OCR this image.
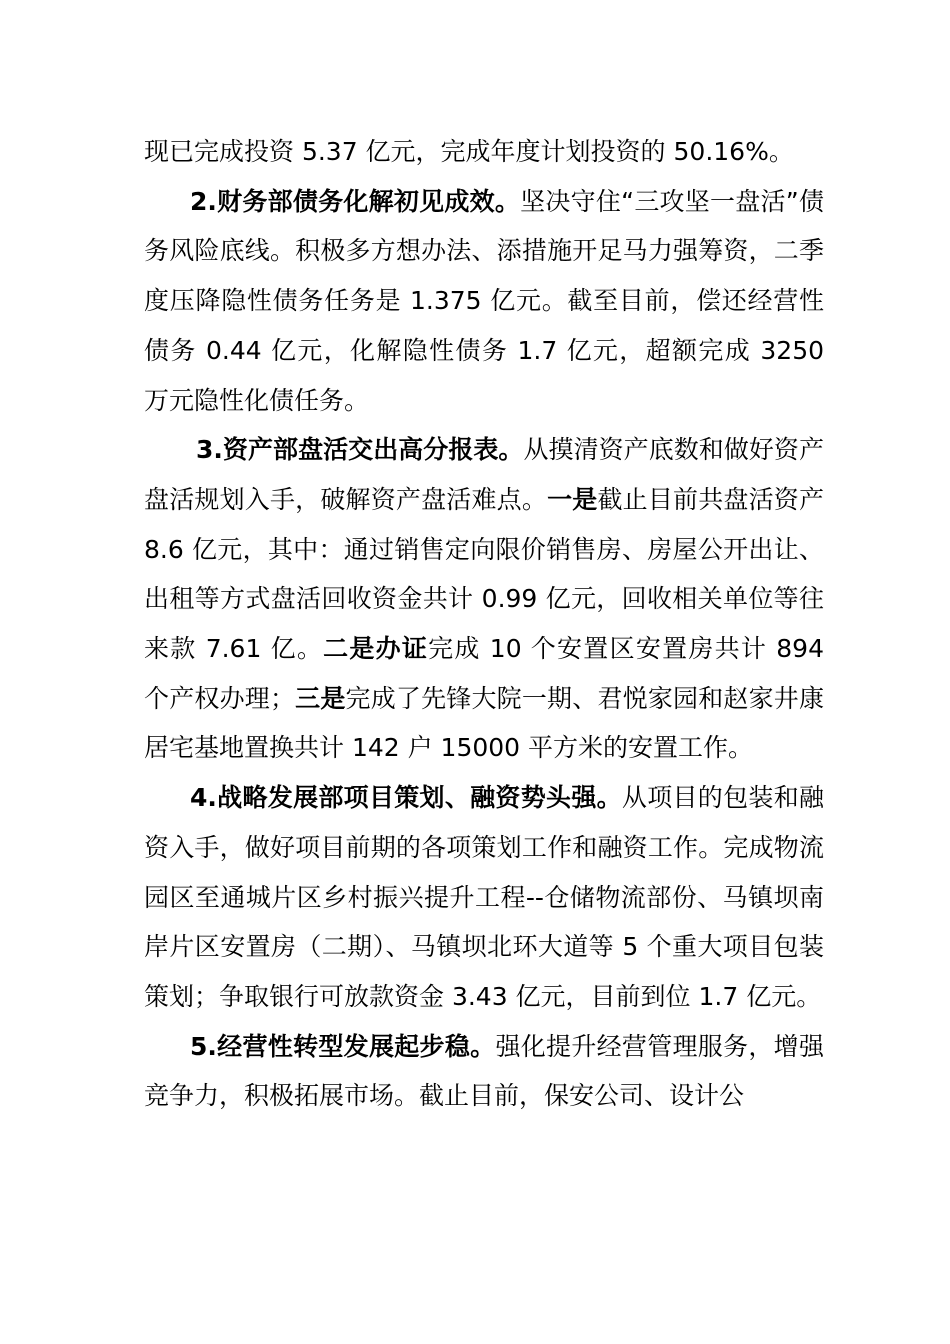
现已完成投资 5.37 亿元，完成年度计划投资的 50.16%。

2.财务部债务化解初见成效。坚决守住“三攻坚一盘活”债务风险底线。积极多方想办法、添措施开足马力强筹资，二季度压降隐性债务任务是 1.375 亿元。截至目前，偿还经营性债务 0.44 亿元，化解隐性债务 1.7 亿元，超额完成 3250 万元隐性化债任务。

3.资产部盘活交出高分报表。从摸清资产底数和做好资产盘活规划入手，破解资产盘活难点。一是截止目前共盘活资产 8.6 亿元，其中：通过销售定向限价销售房、房屋公开出让、出租等方式盘活回收资金共计 0.99 亿元，回收相关单位等往来款 7.61 亿。二是办证完成 10 个安置区安置房共计 894 个产权办理；三是完成了先锋大院一期、君悦家园和赵家井康居宅基地置换共计 142 户 15000 平方米的安置工作。

4.战略发展部项目策划、融资势头强。从项目的包装和融资入手，做好项目前期的各项策划工作和融资工作。完成物流园区至通城片区乡村振兴提升工程--仓储物流部份、马镇坝南岸片区安置房（二期）、马镇坝北环大道等 5 个重大项目包装策划；争取银行可放款资金 3.43 亿元，目前到位 1.7 亿元。

5.经营性转型发展起步稳。强化提升经营管理服务，增强竞争力，积极拓展市场。截止目前，保安公司、设计公
